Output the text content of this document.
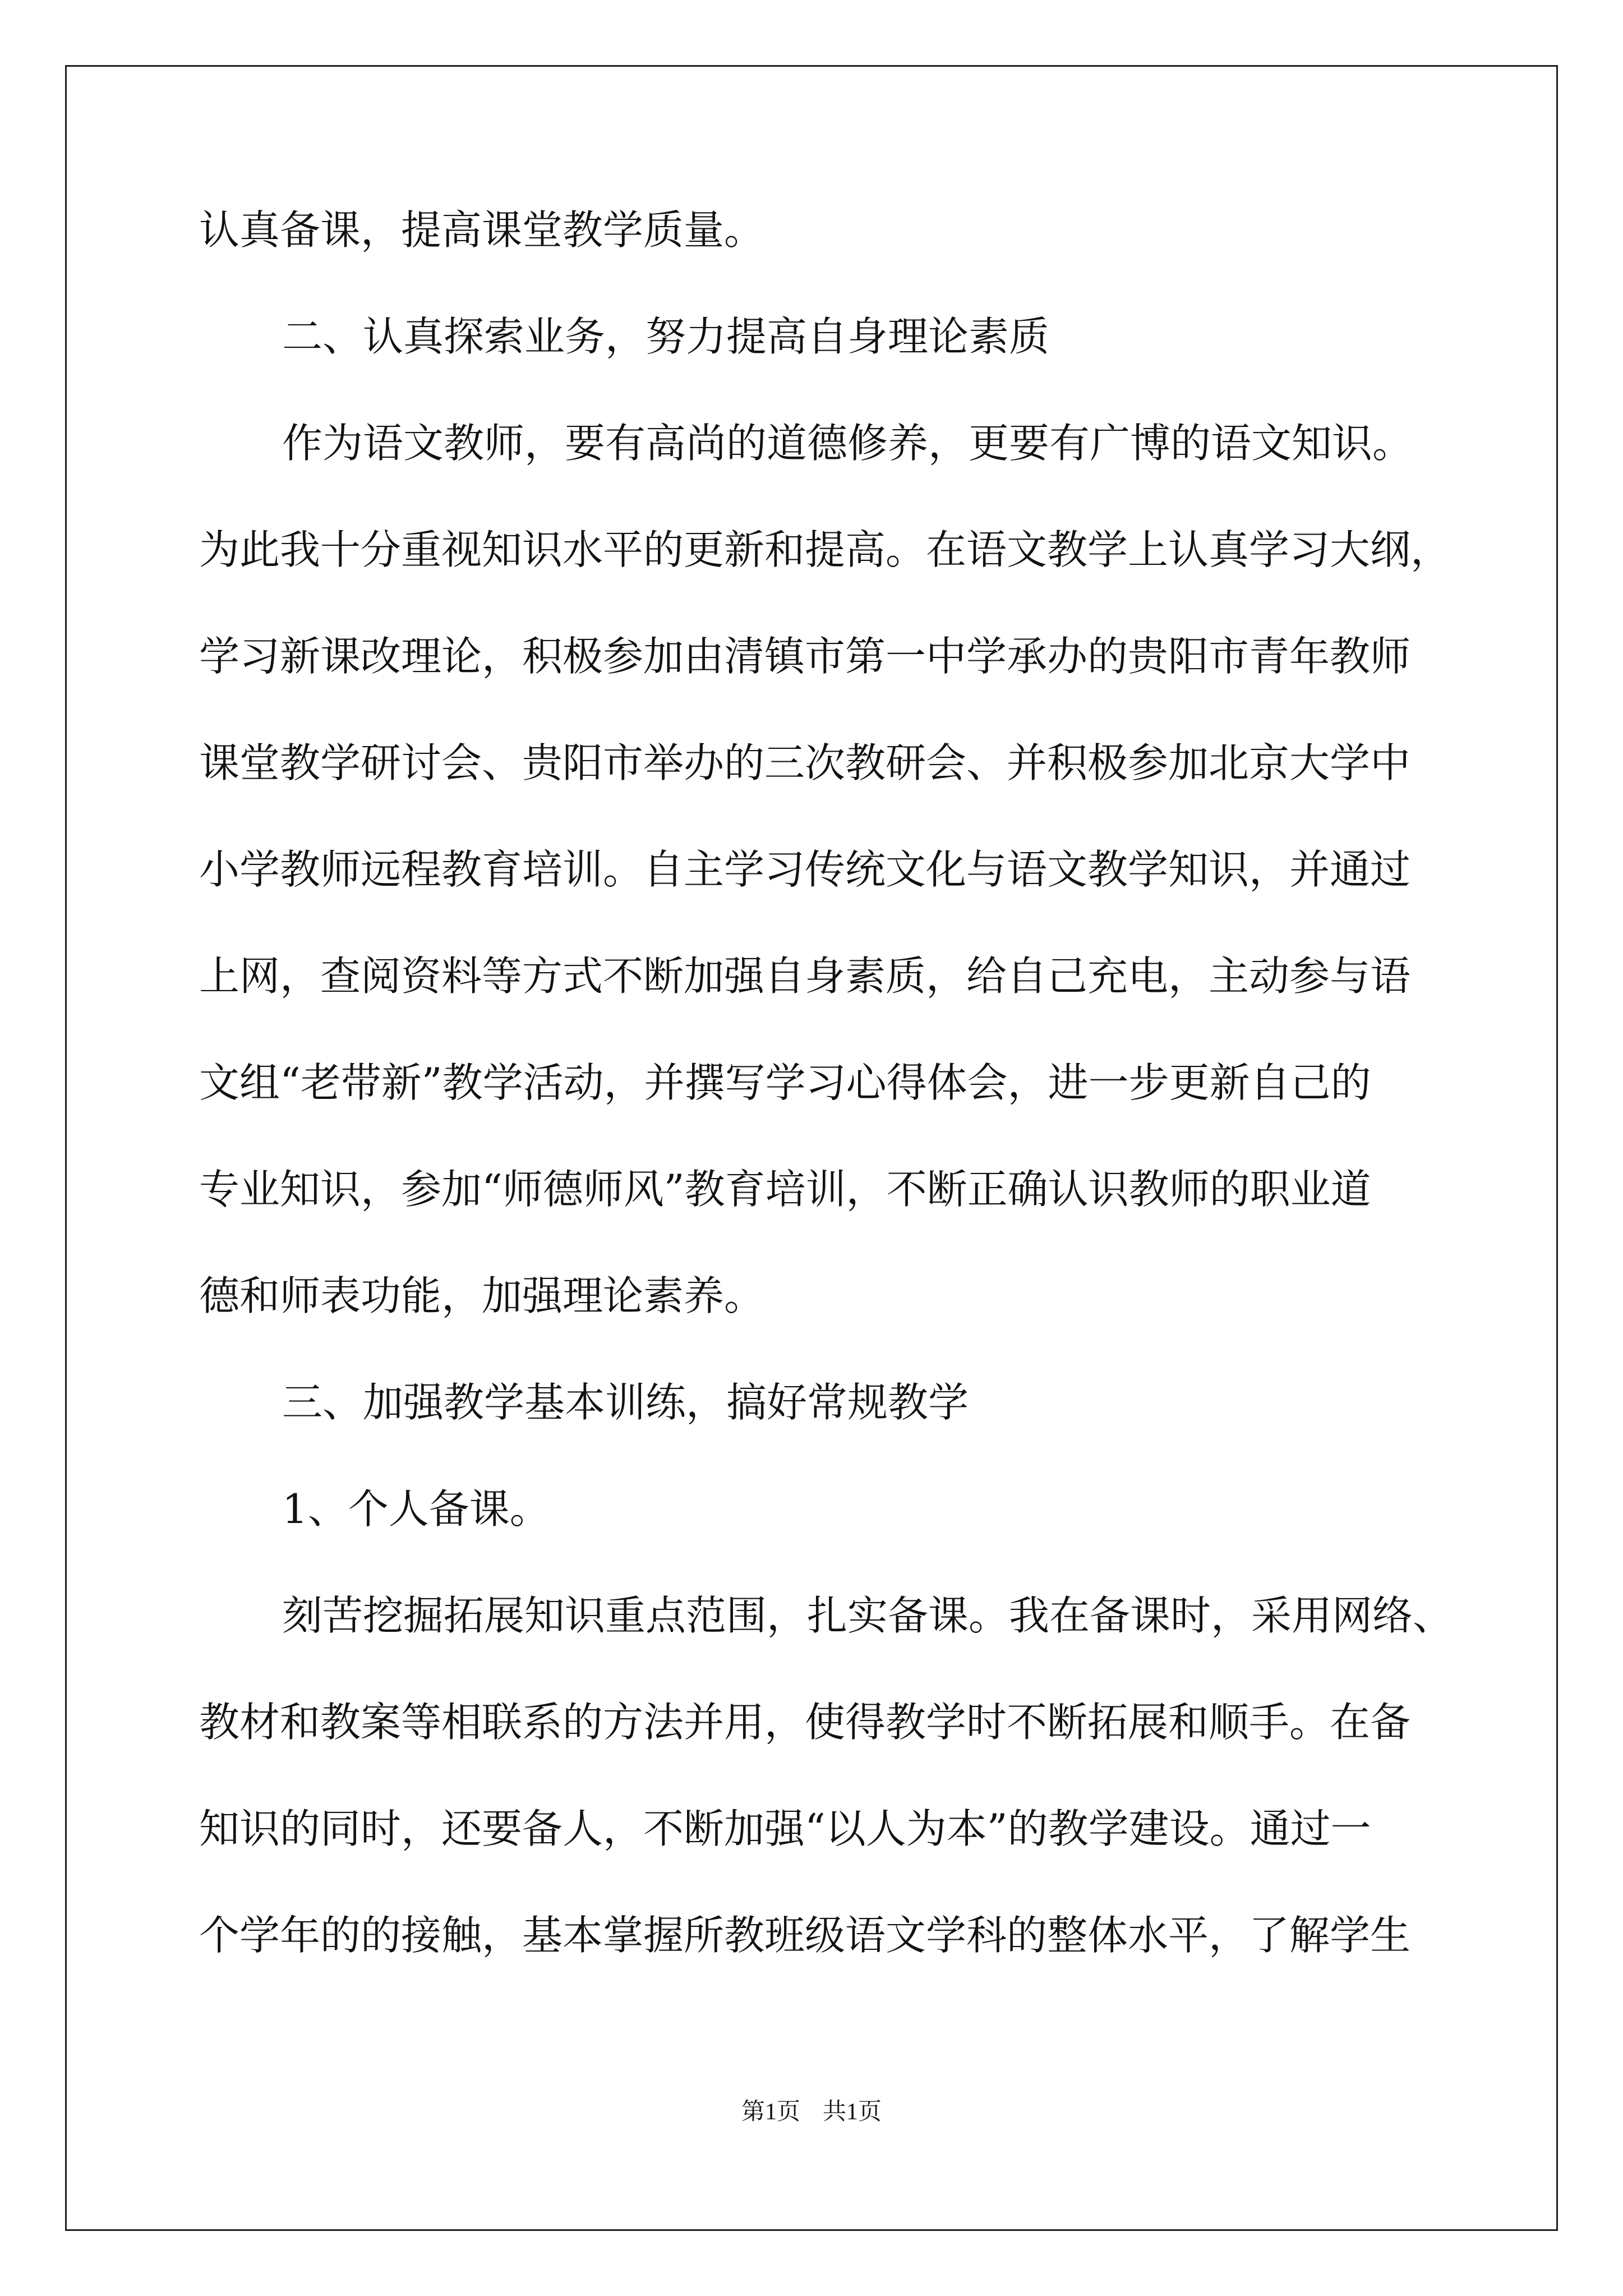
认真备课，提高课堂教学质量。
二、认真探索业务，努力提高自身理论素质
作为语文教师，要有高尚的道德修养，更要有广博的语文知识。
为此我十分重视知识水平的更新和提高。在语文教学上认真学习大纲，
学习新课改理论，积极参加由清镇市第一中学承办的贵阳市青年教师
课堂教学研讨会、贵阳市举办的三次教研会、并积极参加北京大学中
小学教师远程教育培训。自主学习传统文化与语文教学知识，并通过
上网，查阅资料等方式不断加强自身素质，给自己充电，主动参与语
文组“老带新”教学活动，并撰写学习心得体会，进一步更新自己的
专业知识，参加“师德师风”教育培训，不断正确认识教师的职业道
德和师表功能，加强理论素养。
三、加强教学基本训练，搞好常规教学
1、个人备课。
刻苦挖掘拓展知识重点范围，扎实备课。我在备课时，采用网络、
教材和教案等相联系的方法并用，使得教学时不断拓展和顺手。在备
知识的同时，还要备人，不断加强“以人为本”的教学建设。通过一
个学年的的接触，基本掌握所教班级语文学科的整体水平，了解学生
第1页 共1页
